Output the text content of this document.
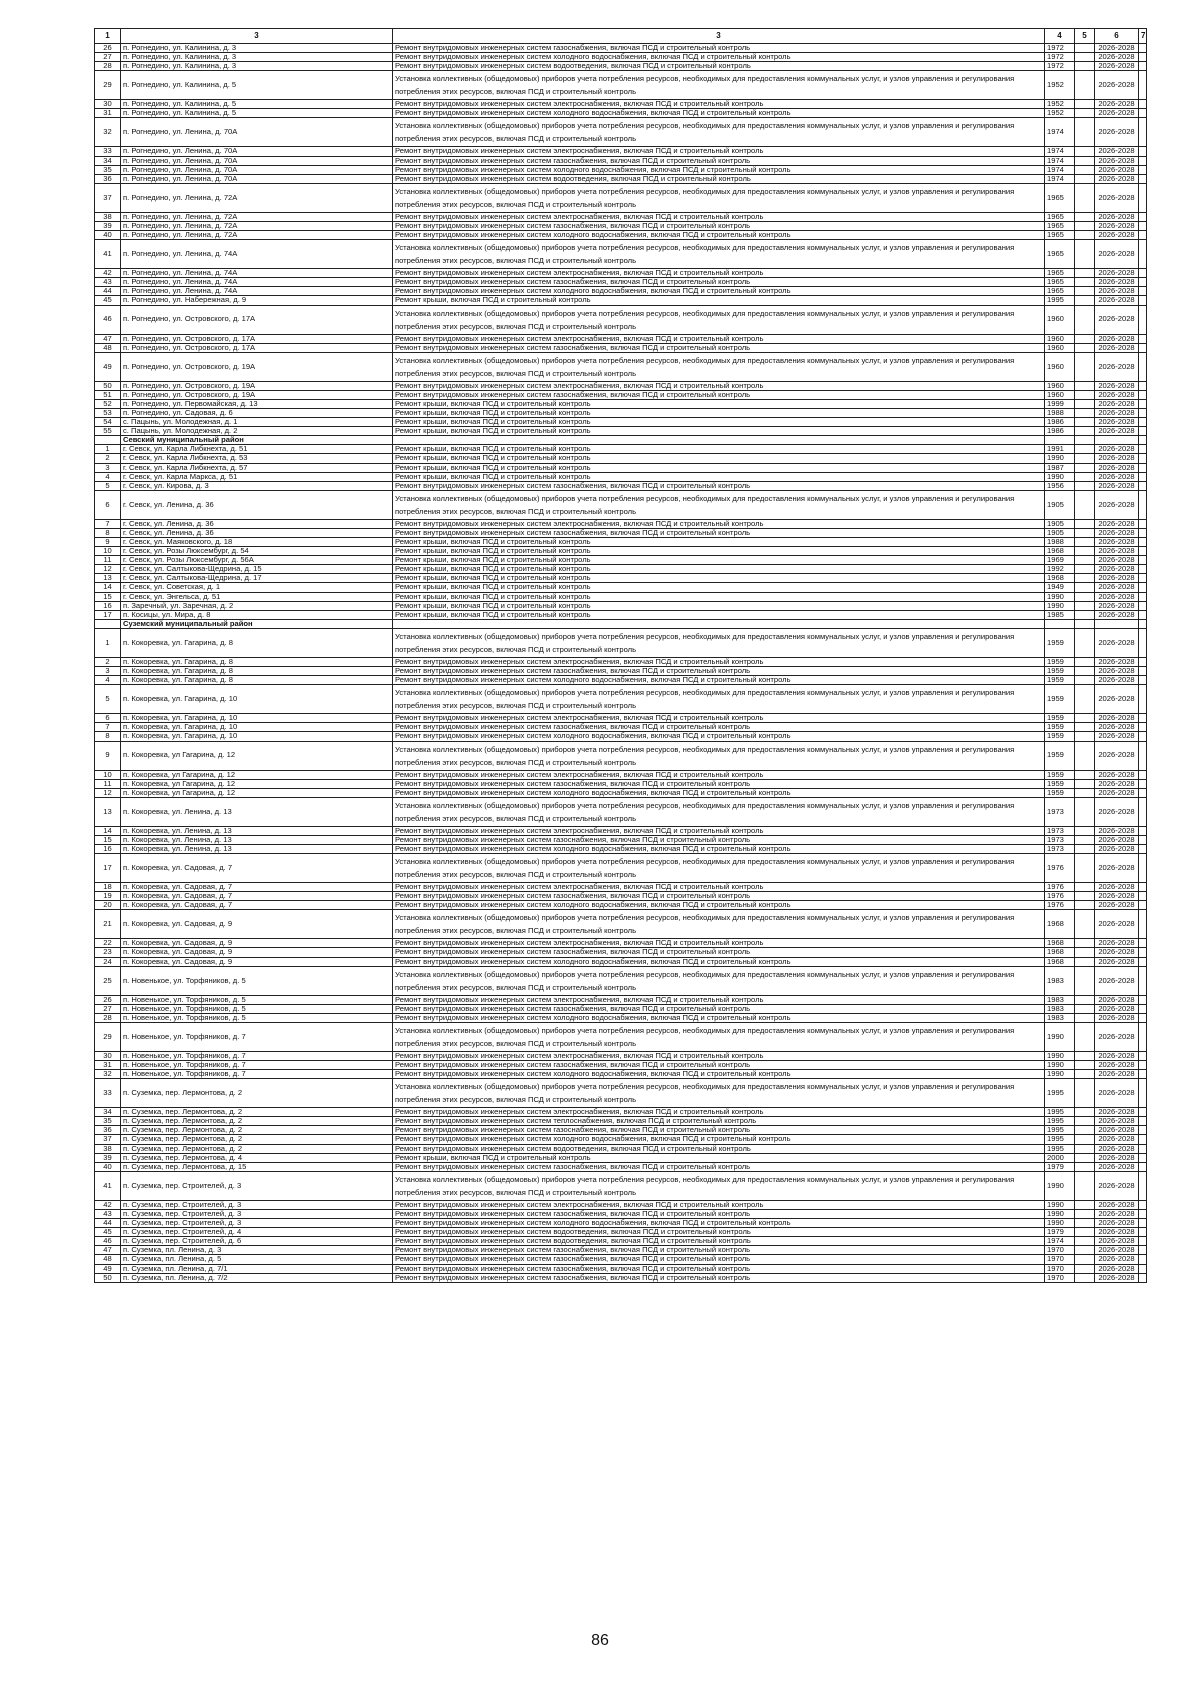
1	3	3	4	5	6	7
26	п. Рогнедино, ул. Калинина, д. 3	Ремонт внутридомовых инженерных систем газоснабжения, включая ПСД и строительный контроль	1972		2026-2028	
27	п. Рогнедино, ул. Калинина, д. 3	Ремонт внутридомовых инженерных систем холодного водоснабжения, включая ПСД и строительный контроль	1972		2026-2028	
28	п. Рогнедино, ул. Калинина, д. 3	Ремонт внутридомовых инженерных систем водоотведения, включая ПСД и строительный контроль	1972		2026-2028	
29	п. Рогнедино, ул. Калинина, д. 5	Установка коллективных (общедомовых) приборов учета потребления ресурсов, необходимых для предоставления коммунальных услуг, и узлов управления и регулирования потребления этих ресурсов, включая ПСД и строительный контроль	1952		2026-2028	
30	п. Рогнедино, ул. Калинина, д. 5	Ремонт внутридомовых инженерных систем электроснабжения, включая ПСД и строительный контроль	1952		2026-2028	
31	п. Рогнедино, ул. Калинина, д. 5	Ремонт внутридомовых инженерных систем холодного водоснабжения, включая ПСД и строительный контроль	1952		2026-2028	
32	п. Рогнедино, ул. Ленина, д. 70А	Установка коллективных (общедомовых) приборов учета потребления ресурсов, необходимых для предоставления коммунальных услуг, и узлов управления и регулирования потребления этих ресурсов, включая ПСД и строительный контроль	1974		2026-2028	
33	п. Рогнедино, ул. Ленина, д. 70А	Ремонт внутридомовых инженерных систем электроснабжения, включая ПСД и строительный контроль	1974		2026-2028	
34	п. Рогнедино, ул. Ленина, д. 70А	Ремонт внутридомовых инженерных систем газоснабжения, включая ПСД и строительный контроль	1974		2026-2028	
35	п. Рогнедино, ул. Ленина, д. 70А	Ремонт внутридомовых инженерных систем холодного водоснабжения, включая ПСД и строительный контроль	1974		2026-2028	
36	п. Рогнедино, ул. Ленина, д. 70А	Ремонт внутридомовых инженерных систем водоотведения, включая ПСД и строительный контроль	1974		2026-2028	
37	п. Рогнедино, ул. Ленина, д. 72А	Установка коллективных (общедомовых) приборов учета потребления ресурсов, необходимых для предоставления коммунальных услуг, и узлов управления и регулирования потребления этих ресурсов, включая ПСД и строительный контроль	1965		2026-2028	
38	п. Рогнедино, ул. Ленина, д. 72А	Ремонт внутридомовых инженерных систем электроснабжения, включая ПСД и строительный контроль	1965		2026-2028	
39	п. Рогнедино, ул. Ленина, д. 72А	Ремонт внутридомовых инженерных систем газоснабжения, включая ПСД и строительный контроль	1965		2026-2028	
40	п. Рогнедино, ул. Ленина, д. 72А	Ремонт внутридомовых инженерных систем холодного водоснабжения, включая ПСД и строительный контроль	1965		2026-2028	
41	п. Рогнедино, ул. Ленина, д. 74А	Установка коллективных (общедомовых) приборов учета потребления ресурсов, необходимых для предоставления коммунальных услуг, и узлов управления и регулирования потребления этих ресурсов, включая ПСД и строительный контроль	1965		2026-2028	
42	п. Рогнедино, ул. Ленина, д. 74А	Ремонт внутридомовых инженерных систем электроснабжения, включая ПСД и строительный контроль	1965		2026-2028	
43	п. Рогнедино, ул. Ленина, д. 74А	Ремонт внутридомовых инженерных систем газоснабжения, включая ПСД и строительный контроль	1965		2026-2028	
44	п. Рогнедино, ул. Ленина, д. 74А	Ремонт внутридомовых инженерных систем холодного водоснабжения, включая ПСД и строительный контроль	1965		2026-2028	
45	п. Рогнедино, ул. Набережная, д. 9	Ремонт крыши, включая ПСД и строительный контроль	1995		2026-2028	
46	п. Рогнедино, ул. Островского, д. 17А	Установка коллективных (общедомовых) приборов учета потребления ресурсов, необходимых для предоставления коммунальных услуг, и узлов управления и регулирования потребления этих ресурсов, включая ПСД и строительный контроль	1960		2026-2028	
47	п. Рогнедино, ул. Островского, д. 17А	Ремонт внутридомовых инженерных систем электроснабжения, включая ПСД и строительный контроль	1960		2026-2028	
48	п. Рогнедино, ул. Островского, д. 17А	Ремонт внутридомовых инженерных систем газоснабжения, включая ПСД и строительный контроль	1960		2026-2028	
49	п. Рогнедино, ул. Островского, д. 19А	Установка коллективных (общедомовых) приборов учета потребления ресурсов, необходимых для предоставления коммунальных услуг, и узлов управления и регулирования потребления этих ресурсов, включая ПСД и строительный контроль	1960		2026-2028	
50	п. Рогнедино, ул. Островского, д. 19А	Ремонт внутридомовых инженерных систем электроснабжения, включая ПСД и строительный контроль	1960		2026-2028	
51	п. Рогнедино, ул. Островского, д. 19А	Ремонт внутридомовых инженерных систем газоснабжения, включая ПСД и строительный контроль	1960		2026-2028	
52	п. Рогнедино, ул. Первомайская, д. 13	Ремонт крыши, включая ПСД и строительный контроль	1999		2026-2028	
53	п. Рогнедино, ул. Садовая, д. 6	Ремонт крыши, включая ПСД и строительный контроль	1988		2026-2028	
54	с. Пацынь, ул. Молодежная, д. 1	Ремонт крыши, включая ПСД и строительный контроль	1986		2026-2028	
55	с. Пацынь, ул. Молодежная, д. 2	Ремонт крыши, включая ПСД и строительный контроль	1986		2026-2028	
	Севский муниципальный район					
1	г. Севск, ул. Карла Либкнехта, д. 51	Ремонт крыши, включая ПСД и строительный контроль	1991		2026-2028	
2	г. Севск, ул. Карла Либкнехта, д. 53	Ремонт крыши, включая ПСД и строительный контроль	1990		2026-2028	
3	г. Севск, ул. Карла Либкнехта, д. 57	Ремонт крыши, включая ПСД и строительный контроль	1987		2026-2028	
4	г. Севск, ул. Карла Маркса, д. 51	Ремонт крыши, включая ПСД и строительный контроль	1990		2026-2028	
5	г. Севск, ул. Кирова, д. 3	Ремонт внутридомовых инженерных систем газоснабжения, включая ПСД и строительный контроль	1956		2026-2028	
6	г. Севск, ул. Ленина, д. 36	Установка коллективных (общедомовых) приборов учета потребления ресурсов, необходимых для предоставления коммунальных услуг, и узлов управления и регулирования потребления этих ресурсов, включая ПСД и строительный контроль	1905		2026-2028	
7	г. Севск, ул. Ленина, д. 36	Ремонт внутридомовых инженерных систем электроснабжения, включая ПСД и строительный контроль	1905		2026-2028	
8	г. Севск, ул. Ленина, д. 36	Ремонт внутридомовых инженерных систем газоснабжения, включая ПСД и строительный контроль	1905		2026-2028	
9	г. Севск, ул. Маяковского, д. 18	Ремонт крыши, включая ПСД и строительный контроль	1988		2026-2028	
10	г. Севск, ул. Розы Люксембург, д. 54	Ремонт крыши, включая ПСД и строительный контроль	1968		2026-2028	
11	г. Севск, ул. Розы Люксембург, д. 56А	Ремонт крыши, включая ПСД и строительный контроль	1969		2026-2028	
12	г. Севск, ул. Салтыкова-Щедрина, д. 15	Ремонт крыши, включая ПСД и строительный контроль	1992		2026-2028	
13	г. Севск, ул. Салтыкова-Щедрина, д. 17	Ремонт крыши, включая ПСД и строительный контроль	1968		2026-2028	
14	г. Севск, ул. Советская, д. 1	Ремонт крыши, включая ПСД и строительный контроль	1949		2026-2028	
15	г. Севск, ул. Энгельса, д. 51	Ремонт крыши, включая ПСД и строительный контроль	1990		2026-2028	
16	п. Заречный, ул. Заречная, д. 2	Ремонт крыши, включая ПСД и строительный контроль	1990		2026-2028	
17	п. Косицы, ул. Мира, д. 8	Ремонт крыши, включая ПСД и строительный контроль	1985		2026-2028	
	Суземский муниципальный район					
1	п. Кокоревка, ул. Гагарина, д. 8	Установка коллективных (общедомовых) приборов учета потребления ресурсов, необходимых для предоставления коммунальных услуг, и узлов управления и регулирования потребления этих ресурсов, включая ПСД и строительный контроль	1959		2026-2028	
2	п. Кокоревка, ул. Гагарина, д. 8	Ремонт внутридомовых инженерных систем электроснабжения, включая ПСД и строительный контроль	1959		2026-2028	
3	п. Кокоревка, ул. Гагарина, д. 8	Ремонт внутридомовых инженерных систем газоснабжения, включая ПСД и строительный контроль	1959		2026-2028	
4	п. Кокоревка, ул. Гагарина, д. 8	Ремонт внутридомовых инженерных систем холодного водоснабжения, включая ПСД и строительный контроль	1959		2026-2028	
5	п. Кокоревка, ул. Гагарина, д. 10	Установка коллективных (общедомовых) приборов учета потребления ресурсов, необходимых для предоставления коммунальных услуг, и узлов управления и регулирования потребления этих ресурсов, включая ПСД и строительный контроль	1959		2026-2028	
6	п. Кокоревка, ул. Гагарина, д. 10	Ремонт внутридомовых инженерных систем электроснабжения, включая ПСД и строительный контроль	1959		2026-2028	
7	п. Кокоревка, ул. Гагарина, д. 10	Ремонт внутридомовых инженерных систем газоснабжения, включая ПСД и строительный контроль	1959		2026-2028	
8	п. Кокоревка, ул. Гагарина, д. 10	Ремонт внутридомовых инженерных систем холодного водоснабжения, включая ПСД и строительный контроль	1959		2026-2028	
9	п. Кокоревка, ул Гагарина, д. 12	Установка коллективных (общедомовых) приборов учета потребления ресурсов, необходимых для предоставления коммунальных услуг, и узлов управления и регулирования потребления этих ресурсов, включая ПСД и строительный контроль	1959		2026-2028	
10	п. Кокоревка, ул Гагарина, д. 12	Ремонт внутридомовых инженерных систем электроснабжения, включая ПСД и строительный контроль	1959		2026-2028	
11	п. Кокоревка, ул Гагарина, д. 12	Ремонт внутридомовых инженерных систем газоснабжения, включая ПСД и строительный контроль	1959		2026-2028	
12	п. Кокоревка, ул Гагарина, д. 12	Ремонт внутридомовых инженерных систем холодного водоснабжения, включая ПСД и строительный контроль	1959		2026-2028	
13	п. Кокоревка, ул. Ленина, д. 13	Установка коллективных (общедомовых) приборов учета потребления ресурсов, необходимых для предоставления коммунальных услуг, и узлов управления и регулирования потребления этих ресурсов, включая ПСД и строительный контроль	1973		2026-2028	
14	п. Кокоревка, ул. Ленина, д. 13	Ремонт внутридомовых инженерных систем электроснабжения, включая ПСД и строительный контроль	1973		2026-2028	
15	п. Кокоревка, ул. Ленина, д. 13	Ремонт внутридомовых инженерных систем газоснабжения, включая ПСД и строительный контроль	1973		2026-2028	
16	п. Кокоревка, ул. Ленина, д. 13	Ремонт внутридомовых инженерных систем холодного водоснабжения, включая ПСД и строительный контроль	1973		2026-2028	
17	п. Кокоревка, ул. Садовая, д. 7	Установка коллективных (общедомовых) приборов учета потребления ресурсов, необходимых для предоставления коммунальных услуг, и узлов управления и регулирования потребления этих ресурсов, включая ПСД и строительный контроль	1976		2026-2028	
18	п. Кокоревка, ул. Садовая, д. 7	Ремонт внутридомовых инженерных систем электроснабжения, включая ПСД и строительный контроль	1976		2026-2028	
19	п. Кокоревка, ул. Садовая, д. 7	Ремонт внутридомовых инженерных систем газоснабжения, включая ПСД и строительный контроль	1976		2026-2028	
20	п. Кокоревка, ул. Садовая, д. 7	Ремонт внутридомовых инженерных систем холодного водоснабжения, включая ПСД и строительный контроль	1976		2026-2028	
21	п. Кокоревка, ул. Садовая, д. 9	Установка коллективных (общедомовых) приборов учета потребления ресурсов, необходимых для предоставления коммунальных услуг, и узлов управления и регулирования потребления этих ресурсов, включая ПСД и строительный контроль	1968		2026-2028	
22	п. Кокоревка, ул. Садовая, д. 9	Ремонт внутридомовых инженерных систем электроснабжения, включая ПСД и строительный контроль	1968		2026-2028	
23	п. Кокоревка, ул. Садовая, д. 9	Ремонт внутридомовых инженерных систем газоснабжения, включая ПСД и строительный контроль	1968		2026-2028	
24	п. Кокоревка, ул. Садовая, д. 9	Ремонт внутридомовых инженерных систем холодного водоснабжения, включая ПСД и строительный контроль	1968		2026-2028	
25	п. Новенькое, ул. Торфяников, д. 5	Установка коллективных (общедомовых) приборов учета потребления ресурсов, необходимых для предоставления коммунальных услуг, и узлов управления и регулирования потребления этих ресурсов, включая ПСД и строительный контроль	1983		2026-2028	
26	п. Новенькое, ул. Торфяников, д. 5	Ремонт внутридомовых инженерных систем электроснабжения, включая ПСД и строительный контроль	1983		2026-2028	
27	п. Новенькое, ул. Торфяников, д. 5	Ремонт внутридомовых инженерных систем газоснабжения, включая ПСД и строительный контроль	1983		2026-2028	
28	п. Новенькое, ул. Торфяников, д. 5	Ремонт внутридомовых инженерных систем холодного водоснабжения, включая ПСД и строительный контроль	1983		2026-2028	
29	п. Новенькое, ул. Торфяников, д. 7	Установка коллективных (общедомовых) приборов учета потребления ресурсов, необходимых для предоставления коммунальных услуг, и узлов управления и регулирования потребления этих ресурсов, включая ПСД и строительный контроль	1990		2026-2028	
30	п. Новенькое, ул. Торфяников, д. 7	Ремонт внутридомовых инженерных систем электроснабжения, включая ПСД и строительный контроль	1990		2026-2028	
31	п. Новенькое, ул. Торфяников, д. 7	Ремонт внутридомовых инженерных систем газоснабжения, включая ПСД и строительный контроль	1990		2026-2028	
32	п. Новенькое, ул. Торфяников, д. 7	Ремонт внутридомовых инженерных систем холодного водоснабжения, включая ПСД и строительный контроль	1990		2026-2028	
33	п. Суземка, пер. Лермонтова, д. 2	Установка коллективных (общедомовых) приборов учета потребления ресурсов, необходимых для предоставления коммунальных услуг, и узлов управления и регулирования потребления этих ресурсов, включая ПСД и строительный контроль	1995		2026-2028	
34	п. Суземка, пер. Лермонтова, д. 2	Ремонт внутридомовых инженерных систем электроснабжения, включая ПСД и строительный контроль	1995		2026-2028	
35	п. Суземка, пер. Лермонтова, д. 2	Ремонт внутридомовых инженерных систем теплоснабжения, включая ПСД и строительный контроль	1995		2026-2028	
36	п. Суземка, пер. Лермонтова, д. 2	Ремонт внутридомовых инженерных систем газоснабжения, включая ПСД и строительный контроль	1995		2026-2028	
37	п. Суземка, пер. Лермонтова, д. 2	Ремонт внутридомовых инженерных систем холодного водоснабжения, включая ПСД и строительный контроль	1995		2026-2028	
38	п. Суземка, пер. Лермонтова, д. 2	Ремонт внутридомовых инженерных систем водоотведения, включая ПСД и строительный контроль	1995		2026-2028	
39	п. Суземка, пер. Лермонтова, д. 4	Ремонт крыши, включая ПСД и строительный контроль	2000		2026-2028	
40	п. Суземка, пер. Лермонтова, д. 15	Ремонт внутридомовых инженерных систем газоснабжения, включая ПСД и строительный контроль	1979		2026-2028	
41	п. Суземка, пер. Строителей, д. 3	Установка коллективных (общедомовых) приборов учета потребления ресурсов, необходимых для предоставления коммунальных услуг, и узлов управления и регулирования потребления этих ресурсов, включая ПСД и строительный контроль	1990		2026-2028	
42	п. Суземка, пер. Строителей, д. 3	Ремонт внутридомовых инженерных систем электроснабжения, включая ПСД и строительный контроль	1990		2026-2028	
43	п. Суземка, пер. Строителей, д. 3	Ремонт внутридомовых инженерных систем газоснабжения, включая ПСД и строительный контроль	1990		2026-2028	
44	п. Суземка, пер. Строителей, д. 3	Ремонт внутридомовых инженерных систем холодного водоснабжения, включая ПСД и строительный контроль	1990		2026-2028	
45	п. Суземка, пер. Строителей, д. 4	Ремонт внутридомовых инженерных систем водоотведения, включая ПСД и строительный контроль	1979		2026-2028	
46	п. Суземка, пер. Строителей, д. 6	Ремонт внутридомовых инженерных систем водоотведения, включая ПСД и строительный контроль	1974		2026-2028	
47	п. Суземка, пл. Ленина, д. 3	Ремонт внутридомовых инженерных систем газоснабжения, включая ПСД и строительный контроль	1970		2026-2028	
48	п. Суземка, пл. Ленина, д. 5	Ремонт внутридомовых инженерных систем газоснабжения, включая ПСД и строительный контроль	1970		2026-2028	
49	п. Суземка, пл. Ленина, д. 7/1	Ремонт внутридомовых инженерных систем газоснабжения, включая ПСД и строительный контроль	1970		2026-2028	
50	п. Суземка, пл. Ленина, д. 7/2	Ремонт внутридомовых инженерных систем газоснабжения, включая ПСД и строительный контроль	1970		2026-2028	
86
